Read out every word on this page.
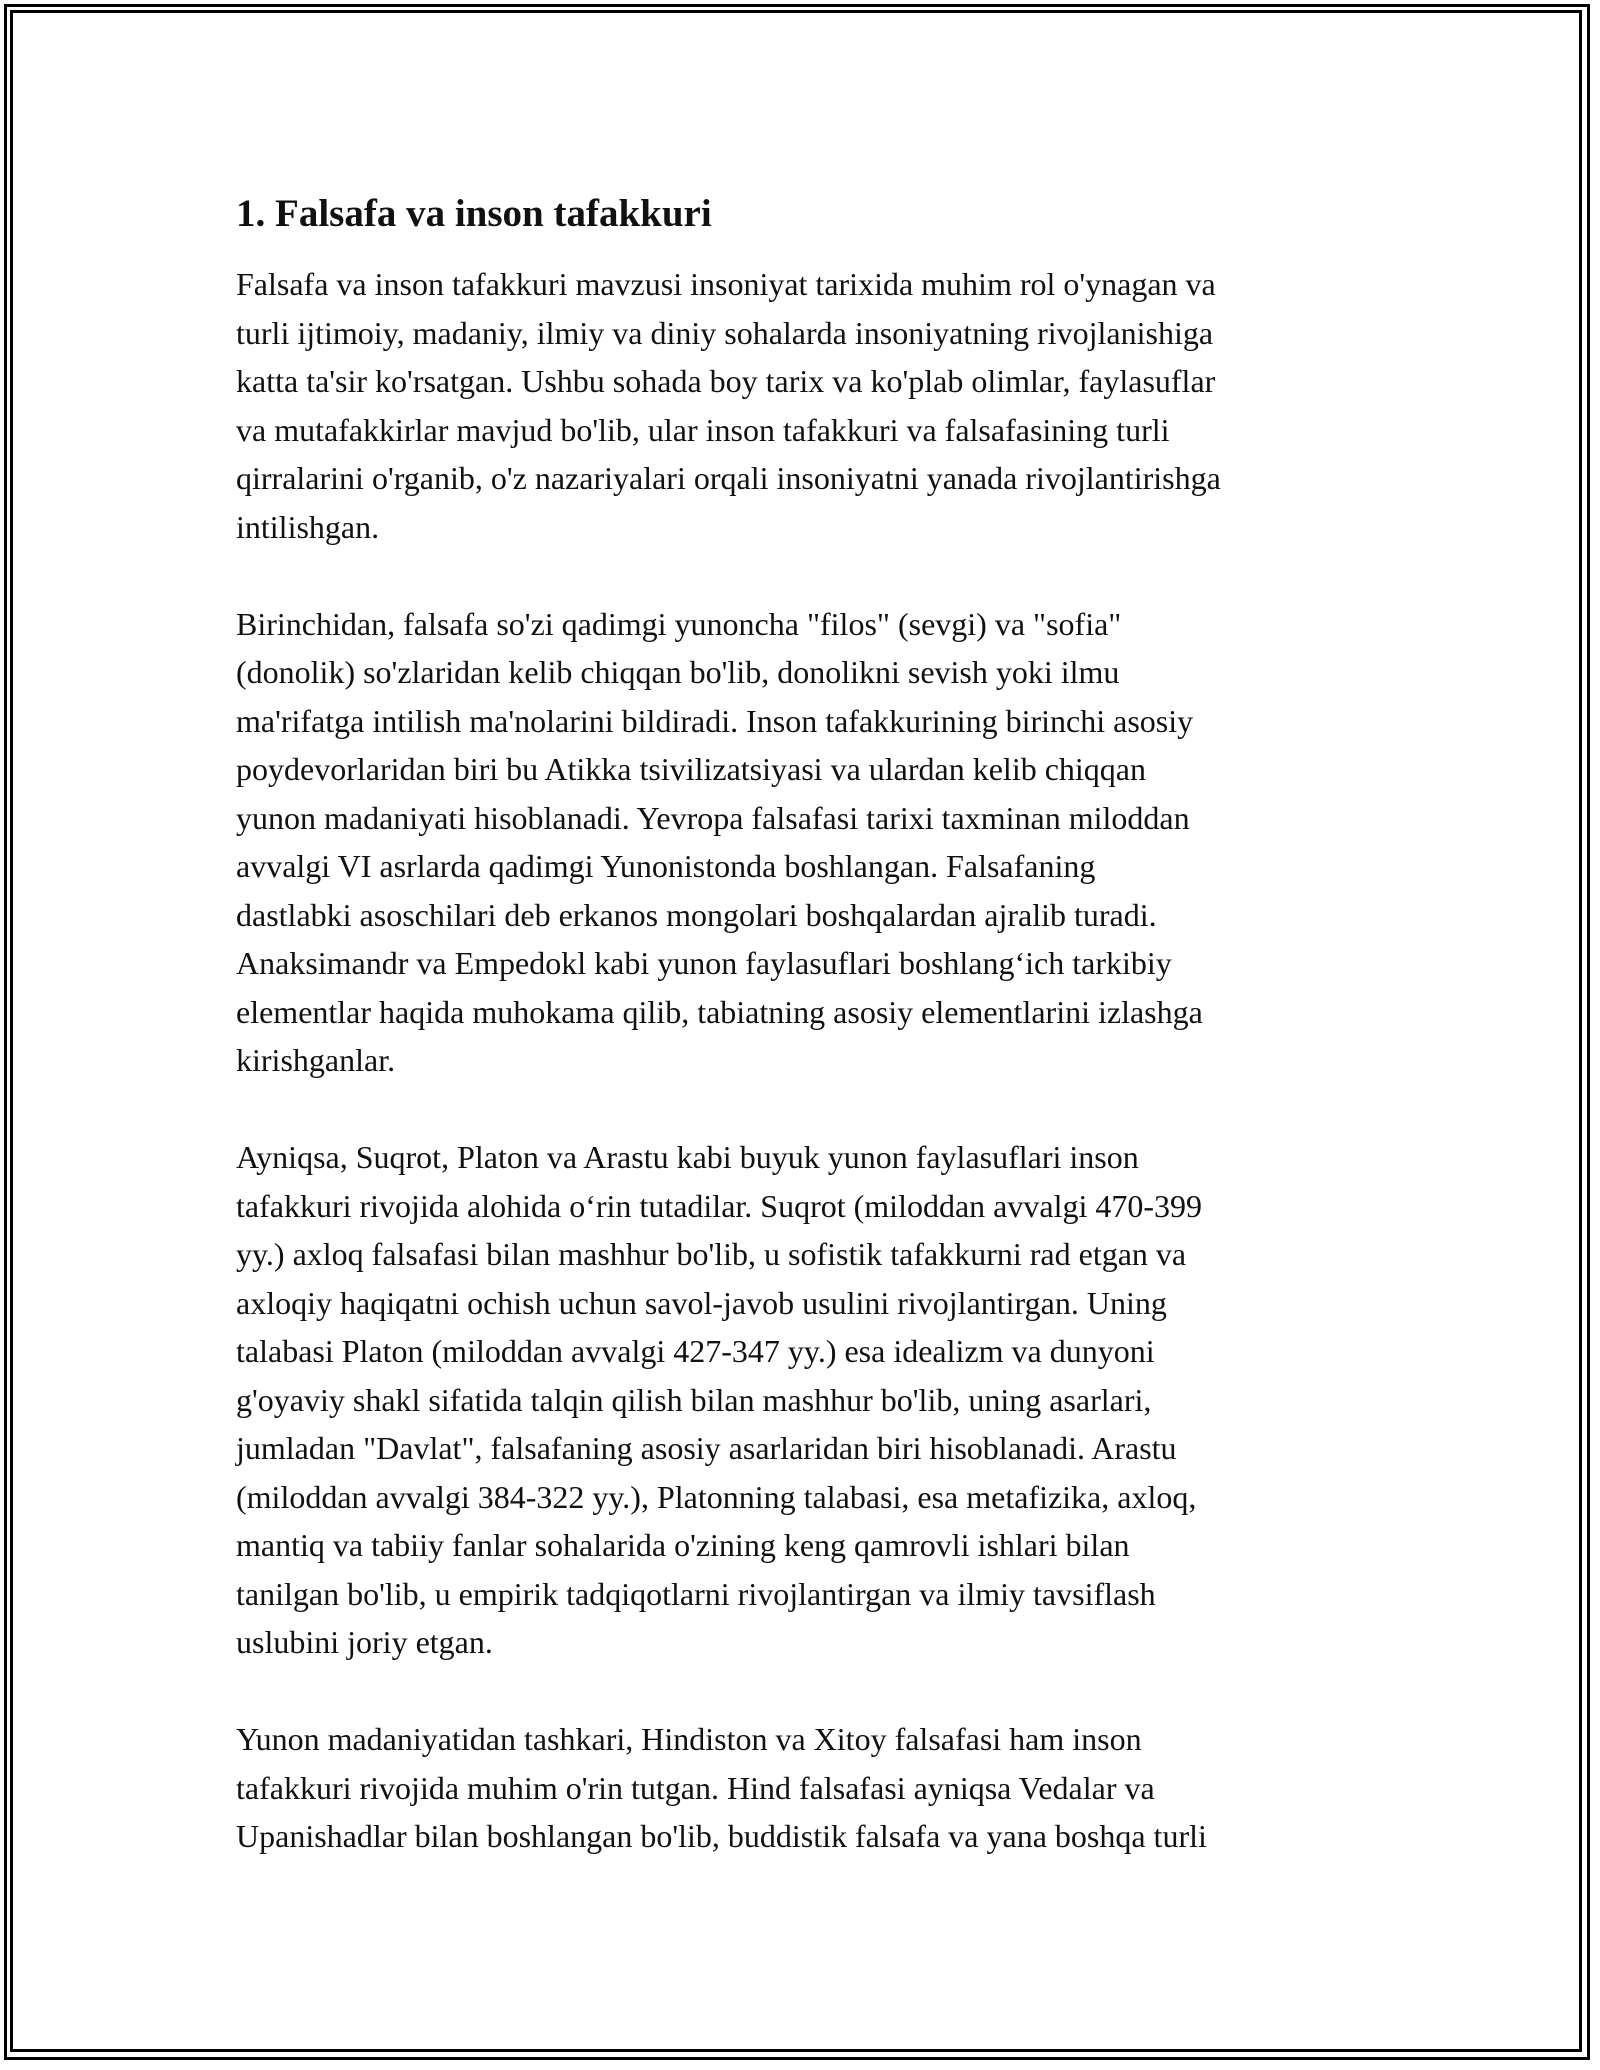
1. Falsafa va inson tafakkuri

Falsafa va inson tafakkuri mavzusi insoniyat tarixida muhim rol o'ynagan va
turli ijtimoiy, madaniy, ilmiy va diniy sohalarda insoniyatning rivojlanishiga
katta ta'sir ko'rsatgan. Ushbu sohada boy tarix va ko'plab olimlar, faylasuflar
va mutafakkirlar mavjud bo'lib, ular inson tafakkuri va falsafasining turli
qirralarini o'rganib, o'z nazariyalari orqali insoniyatni yanada rivojlantirishga
intilishgan.

Birinchidan, falsafa so'zi qadimgi yunoncha "filos" (sevgi) va "sofia"
(donolik) so'zlaridan kelib chiqqan bo'lib, donolikni sevish yoki ilmu
ma'rifatga intilish ma'nolarini bildiradi. Inson tafakkurining birinchi asosiy
poydevorlaridan biri bu Atikka tsivilizatsiyasi va ulardan kelib chiqqan
yunon madaniyati hisoblanadi. Yevropa falsafasi tarixi taxminan miloddan
avvalgi VI asrlarda qadimgi Yunonistonda boshlangan. Falsafaning
dastlabki asoschilari deb erkanos mongolari boshqalardan ajralib turadi.
Anaksimandr va Empedokl kabi yunon faylasuflari boshlang‘ich tarkibiy
elementlar haqida muhokama qilib, tabiatning asosiy elementlarini izlashga
kirishganlar.

Ayniqsa, Suqrot, Platon va Arastu kabi buyuk yunon faylasuflari inson
tafakkuri rivojida alohida o‘rin tutadilar. Suqrot (miloddan avvalgi 470-399
yy.) axloq falsafasi bilan mashhur bo'lib, u sofistik tafakkurni rad etgan va
axloqiy haqiqatni ochish uchun savol-javob usulini rivojlantirgan. Uning
talabasi Platon (miloddan avvalgi 427-347 yy.) esa idealizm va dunyoni
g'oyaviy shakl sifatida talqin qilish bilan mashhur bo'lib, uning asarlari,
jumladan "Davlat", falsafaning asosiy asarlaridan biri hisoblanadi. Arastu
(miloddan avvalgi 384-322 yy.), Platonning talabasi, esa metafizika, axloq,
mantiq va tabiiy fanlar sohalarida o'zining keng qamrovli ishlari bilan
tanilgan bo'lib, u empirik tadqiqotlarni rivojlantirgan va ilmiy tavsiflash
uslubini joriy etgan.

Yunon madaniyatidan tashkari, Hindiston va Xitoy falsafasi ham inson
tafakkuri rivojida muhim o'rin tutgan. Hind falsafasi ayniqsa Vedalar va
Upanishadlar bilan boshlangan bo'lib, buddistik falsafa va yana boshqa turli
